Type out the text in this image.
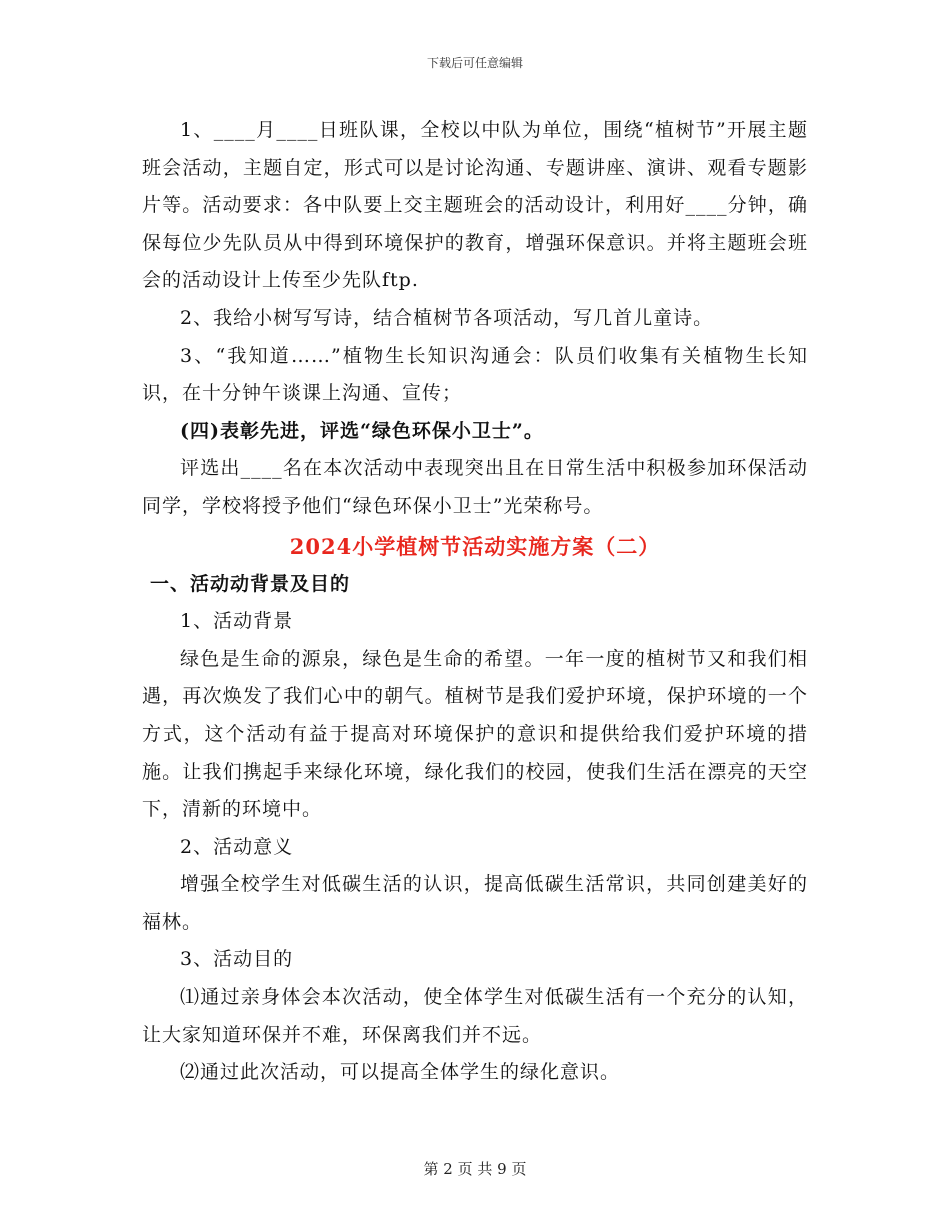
下载后可任意编辑

1、____月____日班队课，全校以中队为单位，围绕“植树节”开展主题班会活动，主题自定，形式可以是讨论沟通、专题讲座、演讲、观看专题影片等。活动要求：各中队要上交主题班会的活动设计，利用好____分钟，确保每位少先队员从中得到环境保护的教育，增强环保意识。并将主题班会班会的活动设计上传至少先队ftp.

2、我给小树写写诗，结合植树节各项活动，写几首儿童诗。

3、“我知道……”植物生长知识沟通会：队员们收集有关植物生长知识，在十分钟午谈课上沟通、宣传；

(四)表彰先进，评选“绿色环保小卫士”。

评选出____名在本次活动中表现突出且在日常生活中积极参加环保活动同学，学校将授予他们“绿色环保小卫士”光荣称号。

2024小学植树节活动实施方案（二）

一、活动动背景及目的

1、活动背景

绿色是生命的源泉，绿色是生命的希望。一年一度的植树节又和我们相遇，再次焕发了我们心中的朝气。植树节是我们爱护环境，保护环境的一个方式，这个活动有益于提高对环境保护的意识和提供给我们爱护环境的措施。让我们携起手来绿化环境，绿化我们的校园，使我们生活在漂亮的天空下，清新的环境中。

2、活动意义

增强全校学生对低碳生活的认识，提高低碳生活常识，共同创建美好的福林。

3、活动目的

⑴通过亲身体会本次活动，使全体学生对低碳生活有一个充分的认知，让大家知道环保并不难，环保离我们并不远。

⑵通过此次活动，可以提高全体学生的绿化意识。

第 2 页 共 9 页
